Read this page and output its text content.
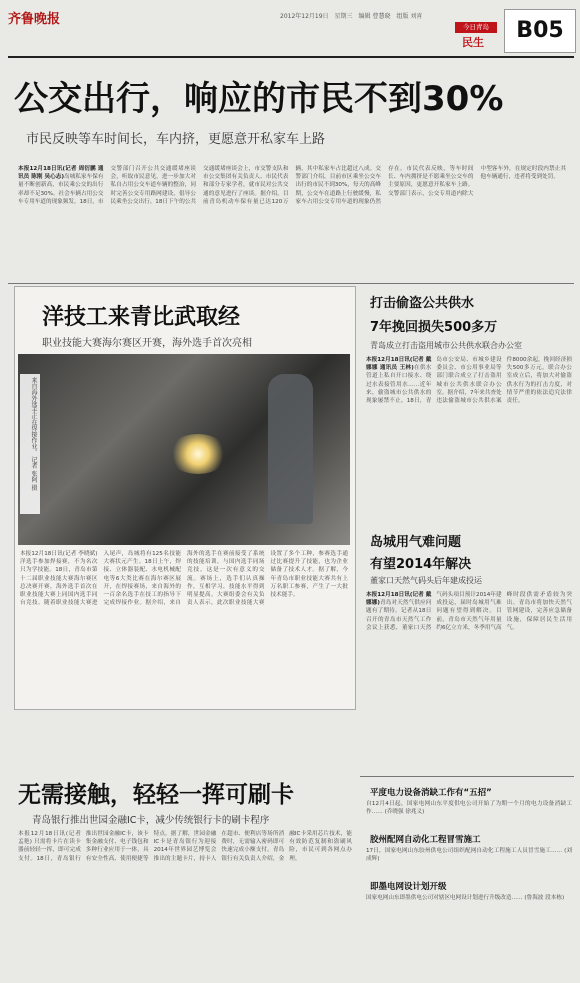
齐鲁晚报	2012年12月19日　星期三　编辑 曹慧晓　组版 刘宵
今日青岛
民生	B05
公交出行，响应的市民不到30%
市民反映等车时间长，车内挤，更愿意开私家车上路
本报12月18日讯(记者 周衍鹏 通讯员 陈刚 吴心志)岛城私家车保有量不断创新高，市民乘公交的出行率却不足30%。社会车辆占用公交车专用车道的现象频发。18日，市交警部门召开公共交通缓堵座谈会，听取市民意见，进一步加大对私自占用公交车道车辆的整治，同时完善公交专用路网建设，倡导公民乘坐公交出行。18日下午的公共交通缓堵座谈会上，市交警支队和市公交集团有关负责人、市民代表和部分专家学者，就市民对公共交通的意见进行了座谈。据介绍，目前青岛机动车保有量已达120万辆，其中私家车占比超过八成。交警部门介绍，目前市区乘坐公交车出行的市民不到30%，每天的高峰期，公交车在道路上行驶缓慢，私家车占用公交专用车道的现象仍然存在。市民代表反映，等车时间长、车内拥挤是不愿乘坐公交车的主要原因，更愿意开私家车上路。交警部门表示，公交专用道内除大中型客车外，在规定时段内禁止其他车辆通行，违者将受到处罚。
洋技工来青比武取经
职业技能大赛海尔赛区开赛，海外选手首次亮相
来自海外选手正在焊接作业。 记者 张阿 摄
本报12月18日讯(记者 李晓斌) 洋选手参加焊接赛，不为名次只为学技能。18日，青岛市第十二届职业技能大赛海尔赛区总决赛开赛，海外选手首次在职业技能大赛上同国内选手同台竞技。随着职业技能大赛进入尾声，岛城将有125名技能大赛状元产生。18日上午，焊接、立体器装配、水电机械配电等6大类比赛在海尔赛区展开，在焊接赛场，来自海外的一百余名选手在技工的指导下完成焊接作业。据介绍，来自海外的选手在赛前接受了系统的技能培训，与国内选手同场竞技，这是一次有意义的交流。赛场上，选手们认真操作，互相学习，技能水平得到明显提高。大赛组委会有关负责人表示，此次职业技能大赛设置了多个工种，参赛选手通过比赛提升了技能，也为企业储备了技术人才。据了解，今年青岛市职业技能大赛共有上万名职工参赛，产生了一大批技术能手。
打击偷盗公共供水
7年挽回损失500多万
青岛成立打击盗用城市公共供水联合办公室
本报12月18日讯(记者 戴 娜娜 通讯员 王林)在供水管道上私自开口接水、绕过水表接管用水……近年来，偷盗城市公共供水的现象屡禁不止。18日，青岛市公安局、市城乡建设委员会、市公用事业局等部门联合成立了打击盗用城市公共供水联合办公室。据介绍，7年来共查处违法偷盗城市公共供水案件8000余起，挽回经济损失500多万元。联合办公室成立后，将加大对偷盗供水行为的打击力度，对情节严重的依法追究法律责任。
岛城用气难问题
有望2014年解决
董家口天然气码头后年建成投运
本报12月18日讯(记者 戴娜娜)青岛对天然气供应问题有了期待。记者从18日召开的青岛市天然气工作会议上获悉，董家口天然气码头项目预计2014年建成投运，届时岛城用气难问题有望得到解决。目前，青岛市天然气年用量约6亿立方米，冬季用气高峰时段供需矛盾较为突出。青岛市将加快天然气管网建设，完善应急储备设施，保障居民生活用气。
无需接触，轻轻一挥可刷卡
青岛银行推出世园金融IC卡，减少传统银行卡的刷卡程序
本报12月18日讯(记者 孟艳) 只需将卡片在读卡器前轻轻一挥，即可完成支付。18日，青岛银行推出世园金融IC卡，该卡集金融支付、电子钱包和多种行业应用于一体，具有安全性高、使用便捷等特点。据了解，世园金融IC卡是青岛银行为迎接2014年世界园艺博览会推出的主题卡片，持卡人在超市、便利店等场所消费时，无需输入密码即可快速完成小额支付。青岛银行有关负责人介绍，金融IC卡采用芯片技术，能有效防范复制和盗刷风险，市民可到各网点办理。
平度电力设备消缺工作有“五招”
自12月4日起，国家电网山东平度供电公司开始了为期一个月的电力设备消缺工作…… (乔晓强 徐兆义)
胶州配网自动化工程冒雪施工
17日，国家电网山东胶州供电公司组织配网自动化工程施工人员冒雪施工…… (刘成辉)
即墨电网设计划开级
国家电网山东即墨供电公司对辖区电网设计划进行升级改造…… (鲁海波 段本栋)
